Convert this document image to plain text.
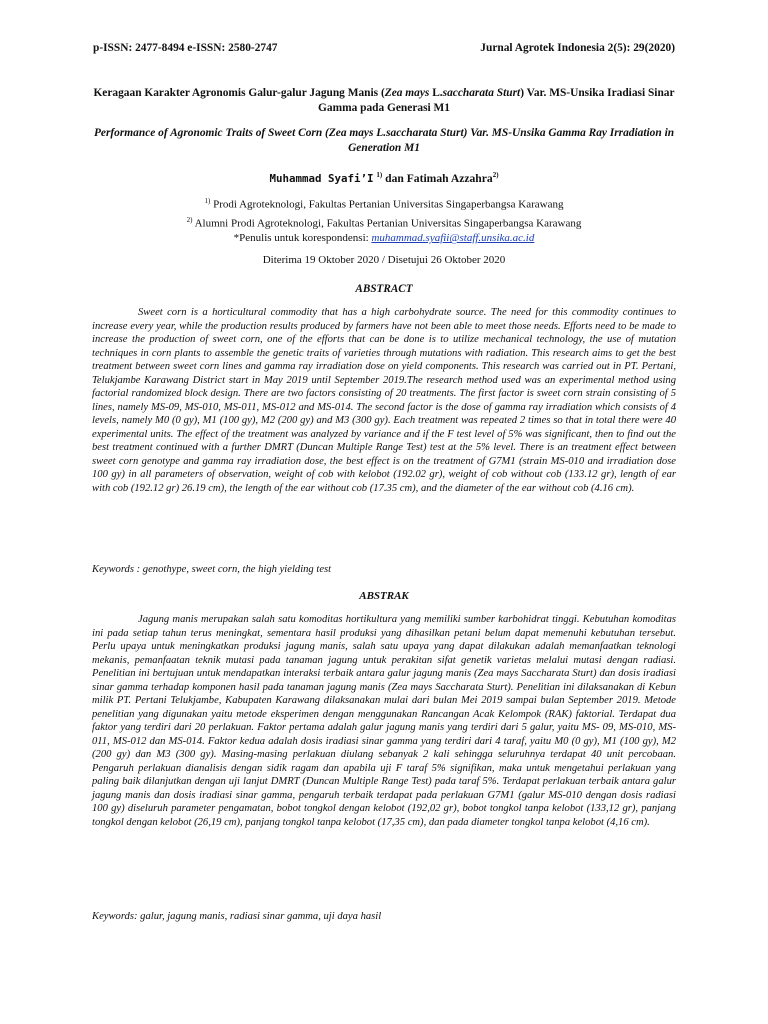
p-ISSN: 2477-8494 e-ISSN: 2580-2747	Jurnal Agrotek Indonesia 2(5): 29(2020)
Keragaan Karakter Agronomis Galur-galur Jagung Manis (Zea mays L.saccharata Sturt) Var. MS-Unsika Iradiasi Sinar Gamma pada Generasi M1
Performance of Agronomic Traits of Sweet Corn (Zea mays L.saccharata Sturt) Var. MS-Unsika Gamma Ray Irradiation in Generation M1
Muhammad Syafi’I $^{1)}$ dan Fatimah Azzahra$^{2)}$
$^{1)}$ Prodi Agroteknologi, Fakultas Pertanian Universitas Singaperbangsa Karawang
$^{2)}$ Alumni Prodi Agroteknologi, Fakultas Pertanian Universitas Singaperbangsa Karawang
*Penulis untuk korespondensi: muhammad.syafii@staff.unsika.ac.id
Diterima 19 Oktober 2020 / Disetujui 26 Oktober 2020
ABSTRACT
Sweet corn is a horticultural commodity that has a high carbohydrate source. The need for this commodity continues to increase every year, while the production results produced by farmers have not been able to meet those needs. Efforts need to be made to increase the production of sweet corn, one of the efforts that can be done is to utilize mechanical technology, the use of mutation techniques in corn plants to assemble the genetic traits of varieties through mutations with radiation. This research aims to get the best treatment between sweet corn lines and gamma ray irradiation dose on yield components. This research was carried out in PT. Pertani, Telukjambe Karawang District start in May 2019 until September 2019.The research method used was an experimental method using factorial randomized block design. There are two factors consisting of 20 treatments. The first factor is sweet corn strain consisting of 5 lines, namely MS-09, MS-010, MS-011, MS-012 and MS-014. The second factor is the dose of gamma ray irradiation which consists of 4 levels, namely M0 (0 gy), M1 (100 gy), M2 (200 gy) and M3 (300 gy). Each treatment was repeated 2 times so that in total there were 40 experimental units. The effect of the treatment was analyzed by variance and if the F test level of 5% was significant, then to find out the best treatment continued with a further DMRT (Duncan Multiple Range Test) test at the 5% level. There is an treatment effect between sweet corn genotype and gamma ray irradiation dose, the best effect is on the treatment of G7M1 (strain MS-010 and irradiation dose 100 gy) in all parameters of observation, weight of cob with kelobot (192.02 gr), weight of cob without cob (133.12 gr), length of ear with cob (192.12 gr) 26.19 cm), the length of the ear without cob (17.35 cm), and the diameter of the ear without cob (4.16 cm).
Keywords : genothype, sweet corn, the high yielding test
ABSTRAK
Jagung manis merupakan salah satu komoditas hortikultura yang memiliki sumber karbohidrat tinggi. Kebutuhan komoditas ini pada setiap tahun terus meningkat, sementara hasil produksi yang dihasilkan petani belum dapat memenuhi kebutuhan tersebut. Perlu upaya untuk meningkatkan produksi jagung manis, salah satu upaya yang dapat dilakukan adalah memanfaatkan teknologi mekanis, pemanfaatan teknik mutasi pada tanaman jagung untuk perakitan sifat genetik varietas melalui mutasi dengan radiasi. Penelitian ini bertujuan untuk mendapatkan interaksi terbaik antara galur jagung manis (Zea mays Saccharata Sturt) dan dosis iradiasi sinar gamma terhadap komponen hasil pada tanaman jagung manis (Zea mays Saccharata Sturt). Penelitian ini dilaksanakan di Kebun milik PT. Pertani Telukjambe, Kabupaten Karawang dilaksanakan mulai dari bulan Mei 2019 sampai bulan September 2019. Metode penelitian yang digunakan yaitu metode eksperimen dengan menggunakan Rancangan Acak Kelompok (RAK) faktorial. Terdapat dua faktor yang terdiri dari 20 perlakuan. Faktor pertama adalah galur jagung manis yang terdiri dari 5 galur, yaitu MS- 09, MS-010, MS-011, MS-012 dan MS-014. Faktor kedua adalah dosis iradiasi sinar gamma yang terdiri dari 4 taraf, yaitu M0 (0 gy), M1 (100 gy), M2 (200 gy) dan M3 (300 gy). Masing-masing perlakuan diulang sebanyak 2 kali sehingga seluruhnya terdapat 40 unit percobaan. Pengaruh perlakuan dianalisis dengan sidik ragam dan apabila uji F taraf 5% signifikan, maka untuk mengetahui perlakuan yang paling baik dilanjutkan dengan uji lanjut DMRT (Duncan Multiple Range Test) pada taraf 5%. Terdapat perlakuan terbaik antara galur jagung manis dan dosis iradiasi sinar gamma, pengaruh terbaik terdapat pada perlakuan G7M1 (galur MS-010 dengan dosis radiasi 100 gy) diseluruh parameter pengamatan, bobot tongkol dengan kelobot (192,02 gr), bobot tongkol tanpa kelobot (133,12 gr), panjang tongkol dengan kelobot (26,19 cm), panjang tongkol tanpa kelobot (17,35 cm), dan pada diameter tongkol tanpa kelobot (4,16 cm).
Keywords: galur, jagung manis, radiasi sinar gamma, uji daya hasil
